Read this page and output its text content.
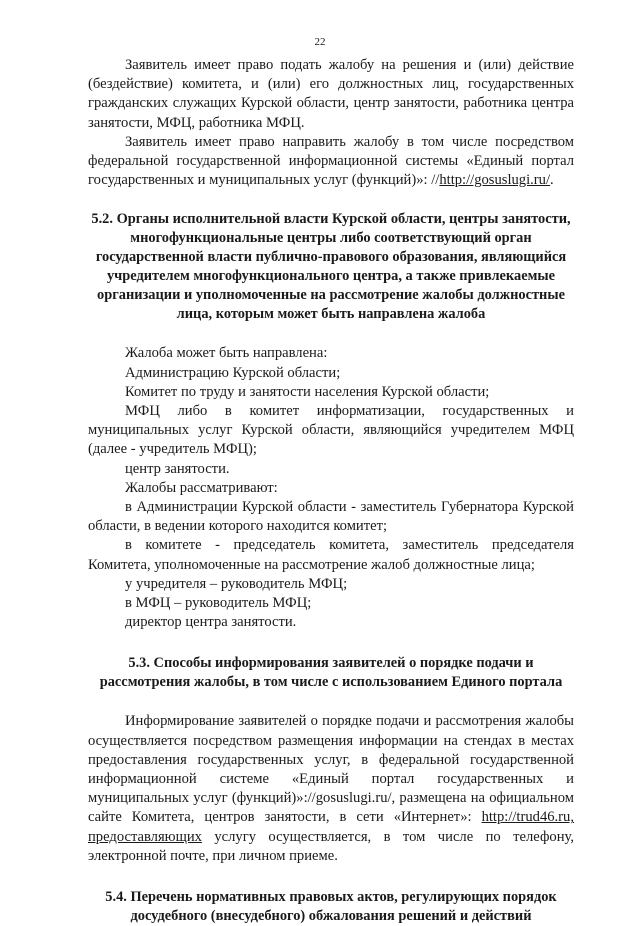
22

Заявитель имеет право подать жалобу на решения и (или) действие (бездействие) комитета, и (или) его должностных лиц, государственных гражданских служащих Курской области, центр занятости, работника центра занятости, МФЦ, работника МФЦ.

Заявитель имеет право направить жалобу в том числе посредством федеральной государственной информационной системы «Единый портал государственных и муниципальных услуг (функций)»: //http://gosuslugi.ru/.

5.2. Органы исполнительной власти Курской области, центры занятости, многофункциональные центры либо соответствующий орган государственной власти публично-правового образования, являющийся учредителем многофункционального центра, а также привлекаемые организации и уполномоченные на рассмотрение жалобы должностные лица, которым может быть направлена жалоба

Жалоба может быть направлена:

Администрацию Курской области;

Комитет по труду и занятости населения Курской области;

МФЦ либо в комитет информатизации, государственных и муниципальных услуг Курской области, являющийся учредителем МФЦ (далее - учредитель МФЦ);

центр занятости.

Жалобы рассматривают:

в Администрации Курской области - заместитель Губернатора Курской области, в ведении которого находится комитет;

в комитете - председатель комитета, заместитель председателя Комитета, уполномоченные на рассмотрение жалоб должностные лица;

у учредителя – руководитель МФЦ;

в МФЦ – руководитель МФЦ;

директор центра занятости.

5.3. Способы информирования заявителей о порядке подачи и рассмотрения жалобы, в том числе с использованием Единого портала

Информирование заявителей о порядке подачи и рассмотрения жалобы осуществляется посредством размещения информации на стендах в местах предоставления государственных услуг, в федеральной государственной информационной системе «Единый портал государственных и муниципальных услуг (функций)»://gosuslugi.ru/, размещена на официальном сайте Комитета, центров занятости, в сети «Интернет»: http://trud46.ru, предоставляющих услугу осуществляется, в том числе по телефону, электронной почте, при личном приеме.

5.4. Перечень нормативных правовых актов, регулирующих порядок досудебного (внесудебного) обжалования решений и действий
